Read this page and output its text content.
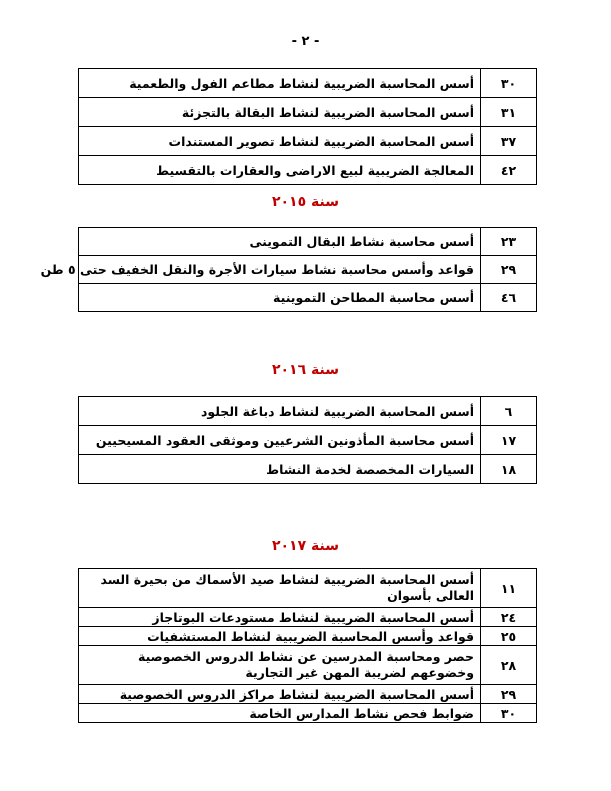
- ٢ -
٣٠	أسس المحاسبة الضريبية لنشاط مطاعم الفول والطعمية
٣١	أسس المحاسبة الضريبية لنشاط البقالة بالتجزئة
٣٧	أسس المحاسبة الضريبية لنشاط تصوير المستندات
٤٢	المعالجة الضريبية لبيع الاراضى والعقارات بالتقسيط
سنة ٢٠١٥
٢٣	أسس محاسبة نشاط البقال التموينى
٢٩	قواعد وأسس محاسبة نشاط سيارات الأجرة والنقل الخفيف حتى ٥ طن
٤٦	أسس محاسبة المطاحن التموينية
سنة ٢٠١٦
٦	أسس المحاسبة الضريبية لنشاط دباغة الجلود
١٧	أسس محاسبة المأذونين الشرعيين وموثقى العقود المسيحيين
١٨	السيارات المخصصة لخدمة النشاط
سنة ٢٠١٧
١١	أسس المحاسبة الضريبية لنشاط صيد الأسماك من بحيرة السد العالى بأسوان
٢٤	أسس المحاسبة الضريبية لنشاط مستودعات البوتاجاز
٢٥	قواعد وأسس المحاسبة الضريبية لنشاط المستشفيات
٢٨	حصر ومحاسبة المدرسين عن نشاط الدروس الخصوصية وخضوعهم لضريبة المهن غير التجارية
٢٩	أسس المحاسبة الضريبية لنشاط مراكز الدروس الخصوصية
٣٠	ضوابط فحص نشاط المدارس الخاصة
